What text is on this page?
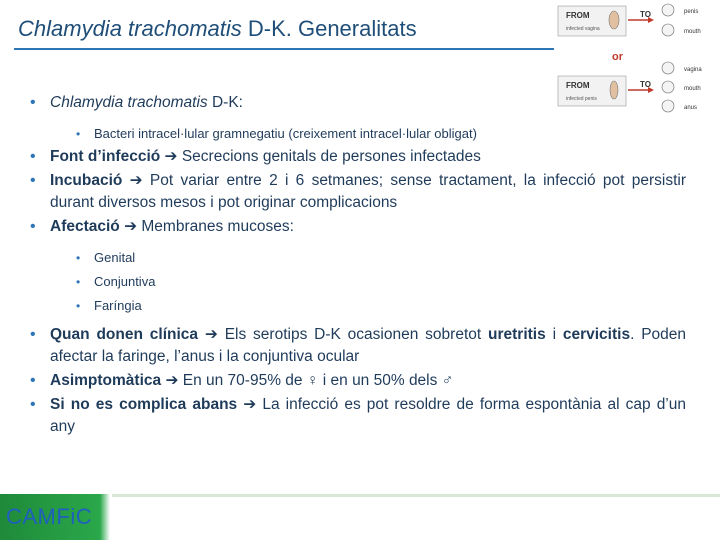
Chlamydia trachomatis D-K. Generalitats
FROM
infected vagina
TO	penis
mouth
or
FROM
infected penis
TO
vagina
mouth
anus
• Chlamydia trachomatis D-K:
• Bacteri intracel·lular gramnegatiu (creixement intracel·lular obligat)
• Font d’infecció ➔ Secrecions genitals de persones infectades
• Incubació ➔ Pot variar entre 2 i 6 setmanes; sense tractament, la infecció pot persistir durant diversos mesos i pot originar complicacions
• Afectació ➔ Membranes mucoses:
• Genital
• Conjuntiva
• Faríngia
• Quan donen clínica ➔ Els serotips D-K ocasionen sobretot uretritis i cervicitis. Poden afectar la faringe, l’anus i la conjuntiva ocular
• Asimptomàtica ➔ En un 70-95% de ♀ i en un 50% dels ♂
• Si no es complica abans ➔ La infecció es pot resoldre de forma espontània al cap d’un any
CAMFiC
